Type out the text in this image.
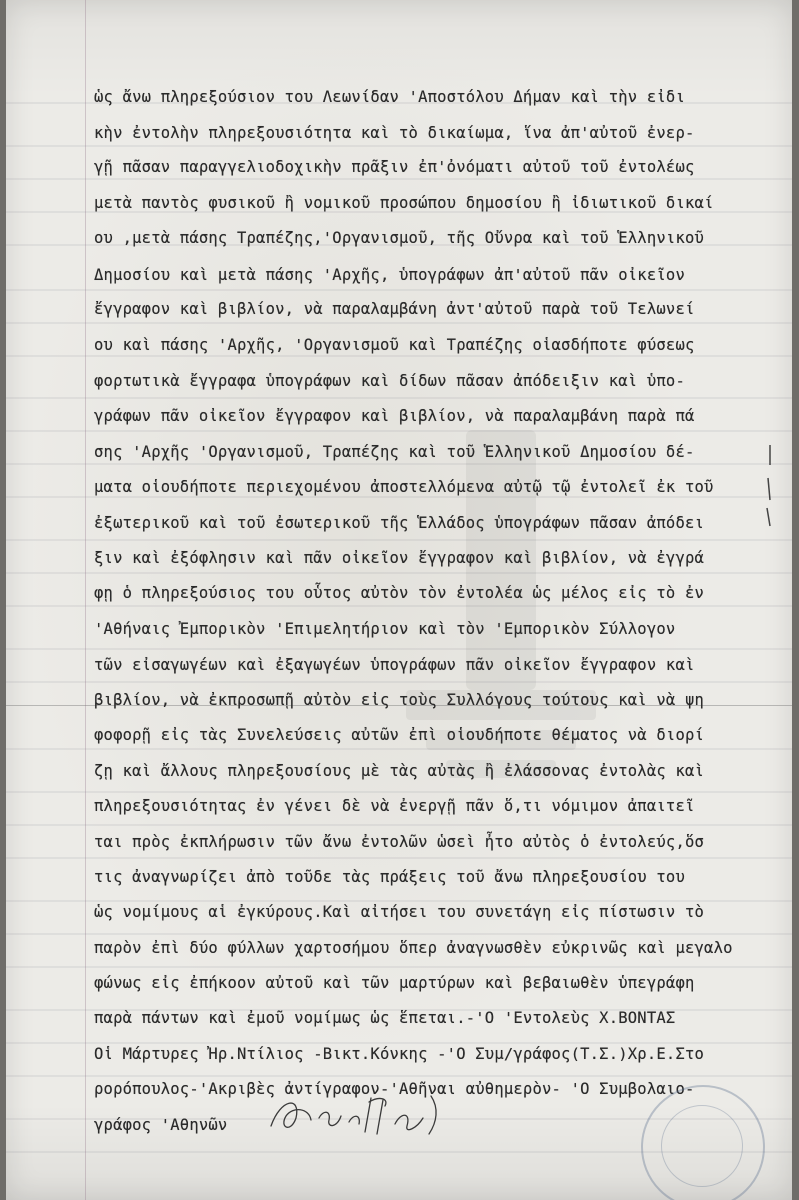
ὡς ἄνω πληρεξούσιον του Λεωνίδαν 'Αποστόλου Δήμαν καὶ τὴν εἰδι
κὴν ἐντολὴν πληρεξουσιότητα καὶ τὸ δικαίωμα, ἵνα ἀπ'αὐτοῦ ἐνερ-
γῇ πᾶσαν παραγγελιοδοχικὴν πρᾶξιν ἐπ'ὀνόματι αὐτοῦ τοῦ ἐντολέως
μετὰ παντὸς φυσικοῦ ἢ νομικοῦ προσώπου δημοσίου ἢ ἰδιωτικοῦ δικαί
ου ,μετὰ πάσης Τραπέζης,'Οργανισμοῦ, τῆς Οὔνρα καὶ τοῦ Ἑλληνικοῦ
Δημοσίου καὶ μετὰ πάσης 'Αρχῆς, ὑπογράφων ἀπ'αὐτοῦ πᾶν οἰκεῖον
ἔγγραφον καὶ βιβλίον, νὰ παραλαμβάνη ἀντ'αὐτοῦ παρὰ τοῦ Τελωνεί
ου καὶ πάσης 'Αρχῆς, 'Οργανισμοῦ καὶ Τραπέζης οἱασδήποτε φύσεως
φορτωτικὰ ἔγγραφα ὑπογράφων καὶ δίδων πᾶσαν ἀπόδειξιν καὶ ὑπο-
γράφων πᾶν οἰκεῖον ἔγγραφον καὶ βιβλίον, νὰ παραλαμβάνη παρὰ πά
σης 'Αρχῆς 'Οργανισμοῦ, Τραπέζης καὶ τοῦ Ἑλληνικοῦ Δημοσίου δέ-
ματα οἱουδήποτε περιεχομένου ἀποστελλόμενα αὐτῷ τῷ ἐντολεῖ ἐκ τοῦ
ἐξωτερικοῦ καὶ τοῦ ἐσωτερικοῦ τῆς Ἑλλάδος ὑπογράφων πᾶσαν ἀπόδει
ξιν καὶ ἐξόφλησιν καὶ πᾶν οἰκεῖον ἔγγραφον καὶ βιβλίον, νὰ ἐγγρά
φῃ ὁ πληρεξούσιος του οὗτος αὐτὸν τὸν ἐντολέα ὡς μέλος εἰς τὸ ἐν
'Αθήναις Ἐμπορικὸν 'Επιμελητήριον καὶ τὸν 'Εμπορικὸν Σύλλογον
τῶν εἰσαγωγέων καὶ ἐξαγωγέων ὑπογράφων πᾶν οἰκεῖον ἔγγραφον καὶ
βιβλίον, νὰ ἐκπροσωπῇ αὐτὸν εἰς τοὺς Συλλόγους τούτους καὶ νὰ ψη
φοφορῇ εἰς τὰς Συνελεύσεις αὐτῶν ἐπὶ οἱουδήποτε θέματος νὰ διορί
ζῃ καὶ ἄλλους πληρεξουσίους μὲ τὰς αὐτὰς ἢ ἐλάσσονας ἐντολὰς καὶ
πληρεξουσιότητας ἐν γένει δὲ νὰ ἐνεργῇ πᾶν ὅ,τι νόμιμον ἀπαιτεῖ
ται πρὸς ἐκπλήρωσιν τῶν ἄνω ἐντολῶν ὡσεὶ ἦτο αὐτὸς ὁ ἐντολεύς,ὅσ
τις ἀναγνωρίζει ἀπὸ τοῦδε τὰς πράξεις τοῦ ἄνω πληρεξουσίου του
ὡς νομίμους αἱ ἐγκύρους.Καὶ αἰτήσει του συνετάγη εἰς πίστωσιν τὸ
παρὸν ἐπὶ δύο φύλλων χαρτοσήμου ὅπερ ἀναγνωσθὲν εὐκρινῶς καὶ μεγαλο
φώνως εἰς ἐπήκοον αὐτοῦ καὶ τῶν μαρτύρων καὶ βεβαιωθὲν ὑπεγράφη
παρὰ πάντων καὶ ἐμοῦ νομίμως ὡς ἕπεται.-'Ο 'Εντολεὺς Χ.ΒΟΝΤΑΣ
Οἱ Μάρτυρες Ἠρ.Ντίλιος -Βικτ.Κόνκης -'Ο Συμ/γράφος(Τ.Σ.)Χρ.Ε.Στο
ρορόπουλος-'Ακριβὲς ἀντίγραφον-'Αθῆναι αὐθημερὸν- 'Ο Συμβολαιο-
γράφος 'Αθηνῶν
